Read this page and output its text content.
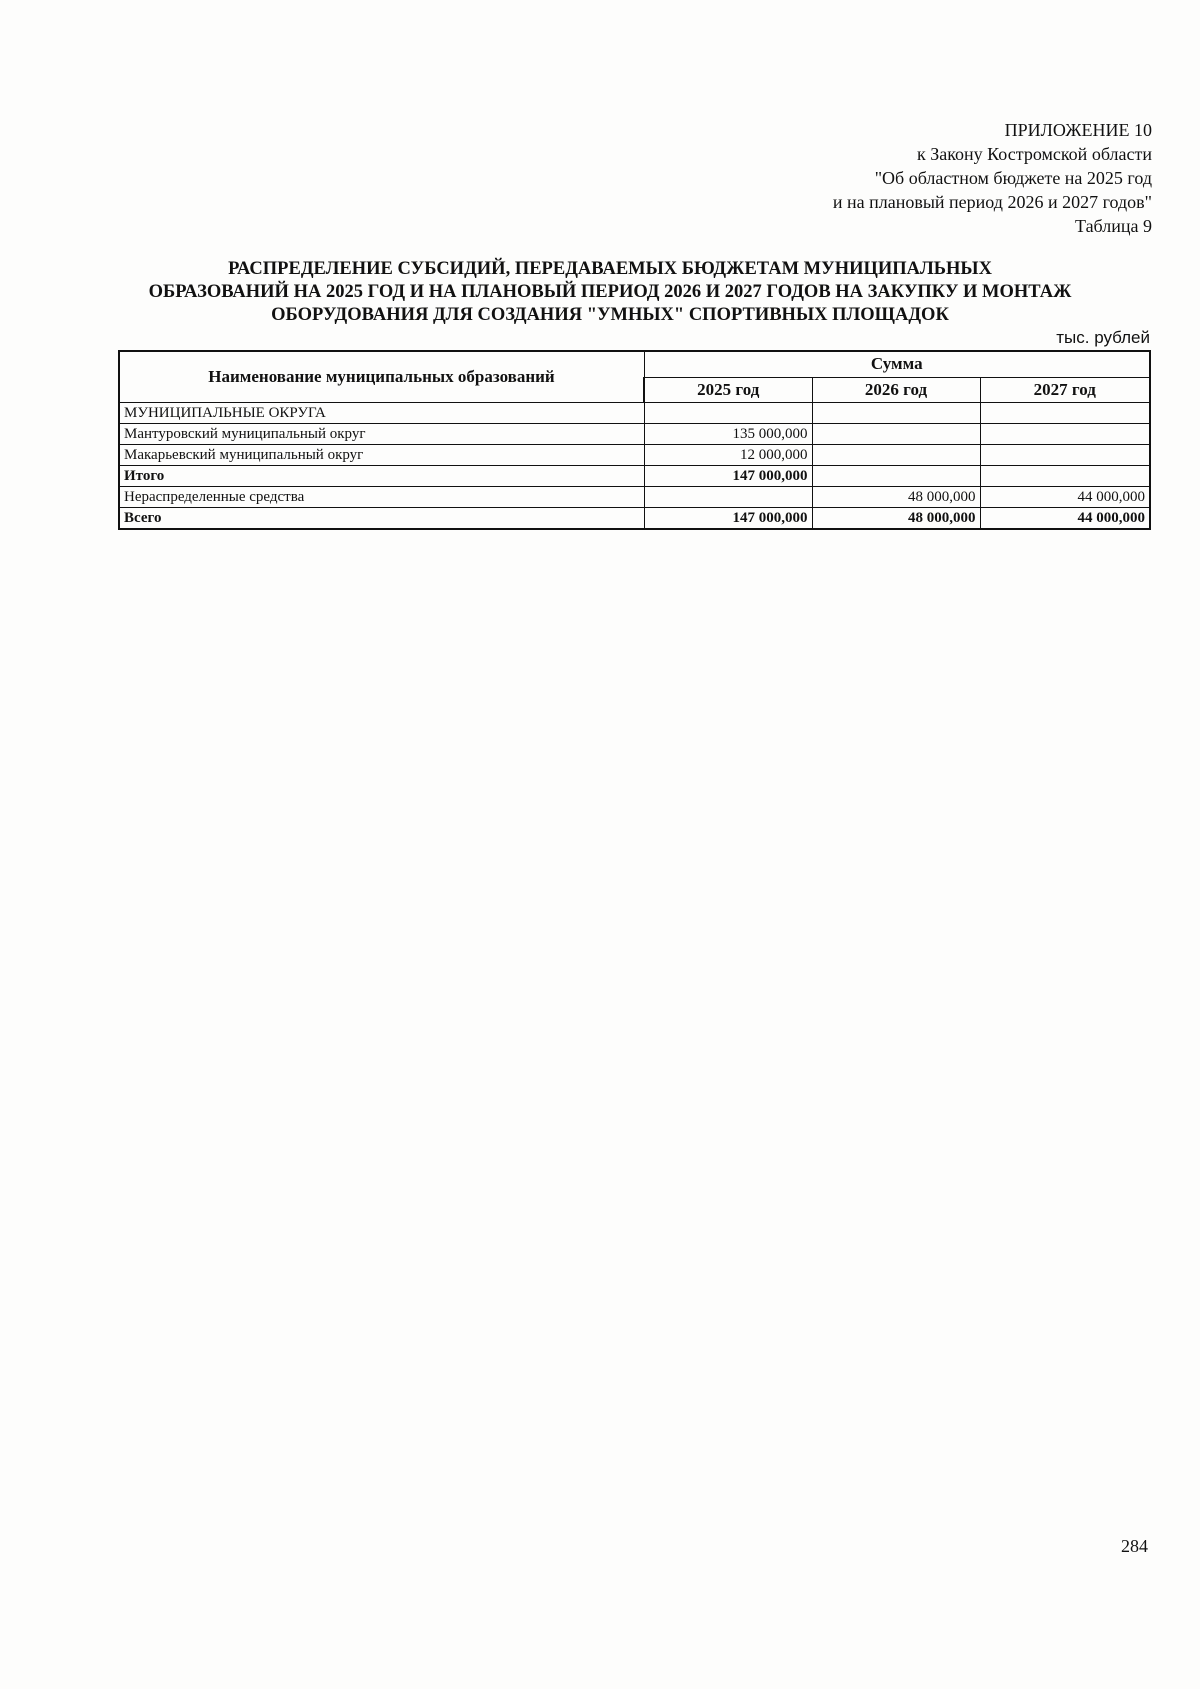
ПРИЛОЖЕНИЕ 10
к Закону Костромской области
"Об областном бюджете на 2025 год
и на плановый период 2026 и 2027 годов"
Таблица 9
РАСПРЕДЕЛЕНИЕ СУБСИДИЙ, ПЕРЕДАВАЕМЫХ БЮДЖЕТАМ МУНИЦИПАЛЬНЫХ
ОБРАЗОВАНИЙ НА 2025 ГОД И НА ПЛАНОВЫЙ ПЕРИОД 2026 И 2027 ГОДОВ НА ЗАКУПКУ И МОНТАЖ
ОБОРУДОВАНИЯ ДЛЯ СОЗДАНИЯ "УМНЫХ" СПОРТИВНЫХ ПЛОЩАДОК
тыс. рублей
Наименование муниципальных образований	Сумма		
	2025 год	2026 год	2027 год
МУНИЦИПАЛЬНЫЕ ОКРУГА			
Мантуровский муниципальный округ	135 000,000		
Макарьевский муниципальный округ	12 000,000		
Итого	147 000,000		
Нераспределенные средства		48 000,000	44 000,000
Всего	147 000,000	48 000,000	44 000,000
284
